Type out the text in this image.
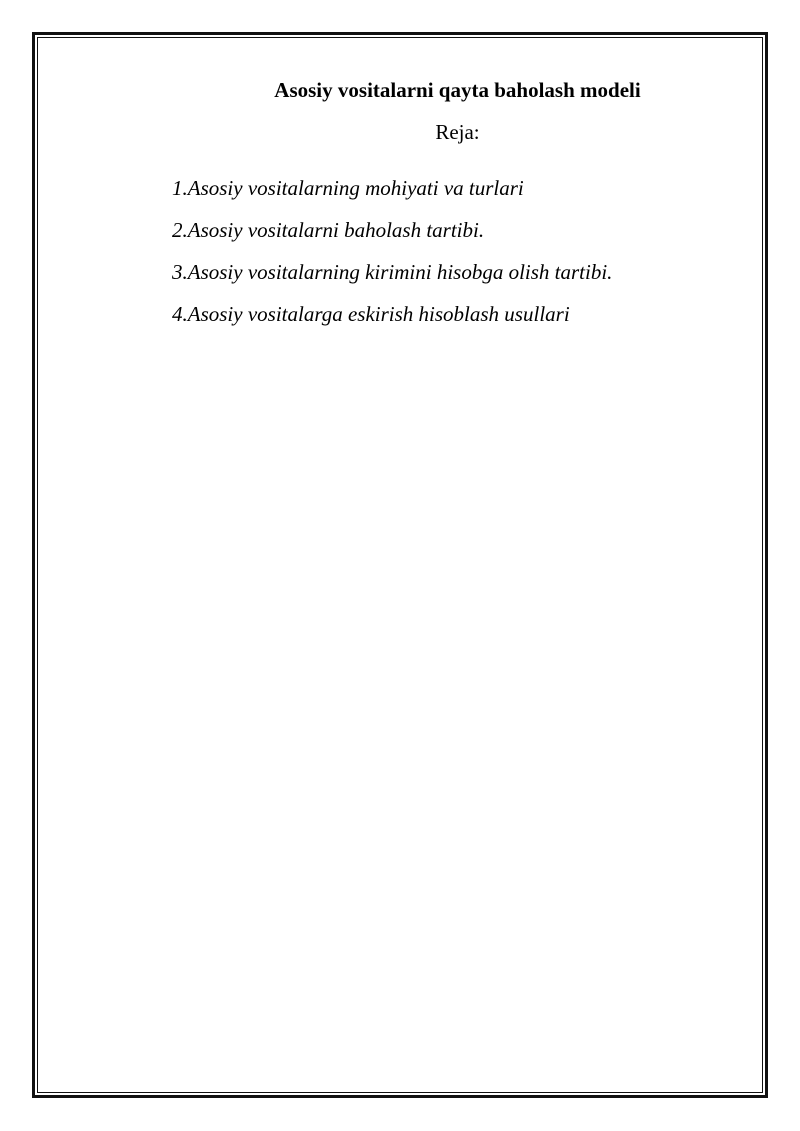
Asosiy vositalarni qayta baholash modeli
Reja:
1.Asosiy vositalarning mohiyati va turlari
2.Asosiy vositalarni baholash tartibi.
3.Asosiy vositalarning kirimini hisobga olish tartibi.
4.Asosiy vositalarga eskirish hisoblash usullari
